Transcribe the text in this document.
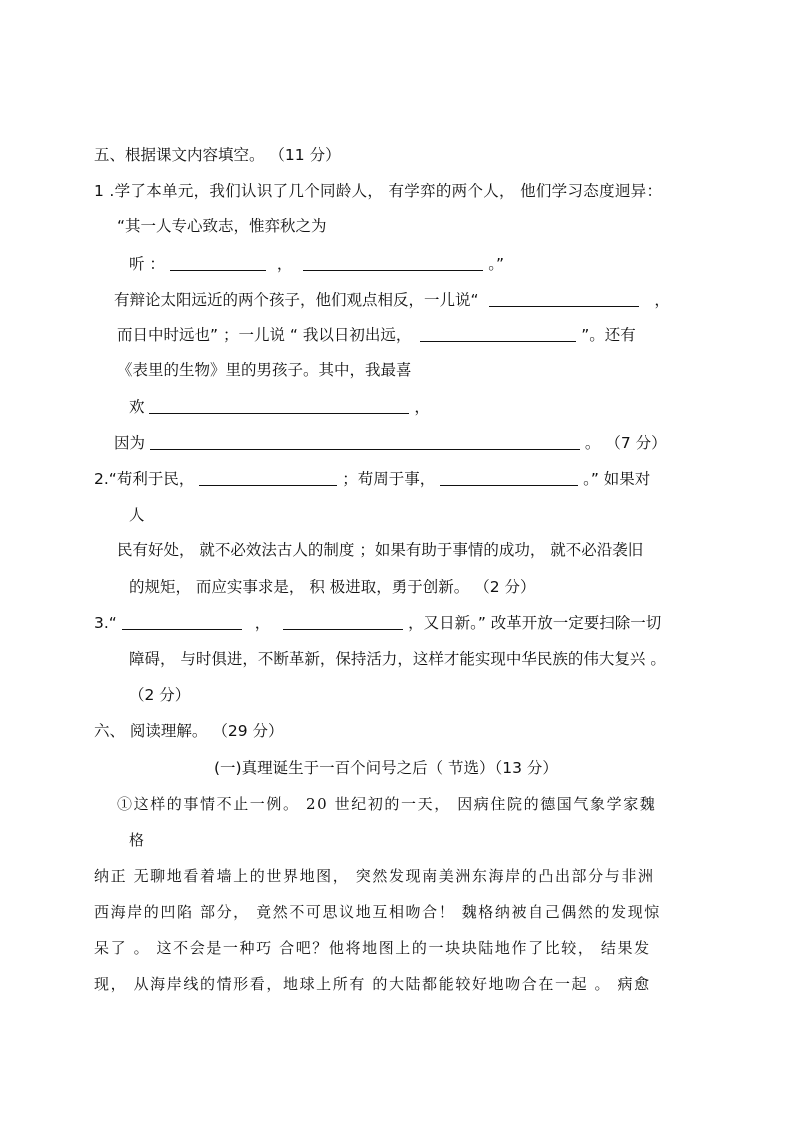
五、根据课文内容填空。 （11 分）
1 .学了本单元，我们认识了几个同龄人， 有学弈的两个人， 他们学习态度迥异：
“其一人专心致志，惟弈秋之为
听 ：	，	。”
有辩论太阳远近的两个孩子，他们观点相反，一儿说“	，
而日中时远也” ；一儿说 “ 我以日初出远，	”。还有
《表里的生物》里的男孩子。其中，我最喜
欢	，
因为	。 （7 分）
2.“苟利于民，	；苟周于事，	。” 如果对
人
民有好处， 就不必效法古人的制度 ；如果有助于事情的成功， 就不必沿袭旧
的规矩， 而应实事求是， 积 极进取，勇于创新。 （2 分）
3.“	，	，又日新。” 改革开放一定要扫除一切
障碍， 与时俱进，不断革新，保持活力，这样才能实现中华民族的伟大复兴 。
（2 分）
六、 阅读理解。 （29 分）
(一)真理诞生于一百个问号之后（ 节选）（13 分）
①这样的事情不止一例。 20 世纪初的一天， 因病住院的德国气象学家魏
格
纳正 无聊地看着墙上的世界地图， 突然发现南美洲东海岸的凸出部分与非洲
西海岸的凹陷 部分， 竟然不可思议地互相吻合！ 魏格纳被自己偶然的发现惊
呆了 。 这不会是一种巧 合吧？他将地图上的一块块陆地作了比较， 结果发
现， 从海岸线的情形看，地球上所有 的大陆都能较好地吻合在一起 。 病愈
